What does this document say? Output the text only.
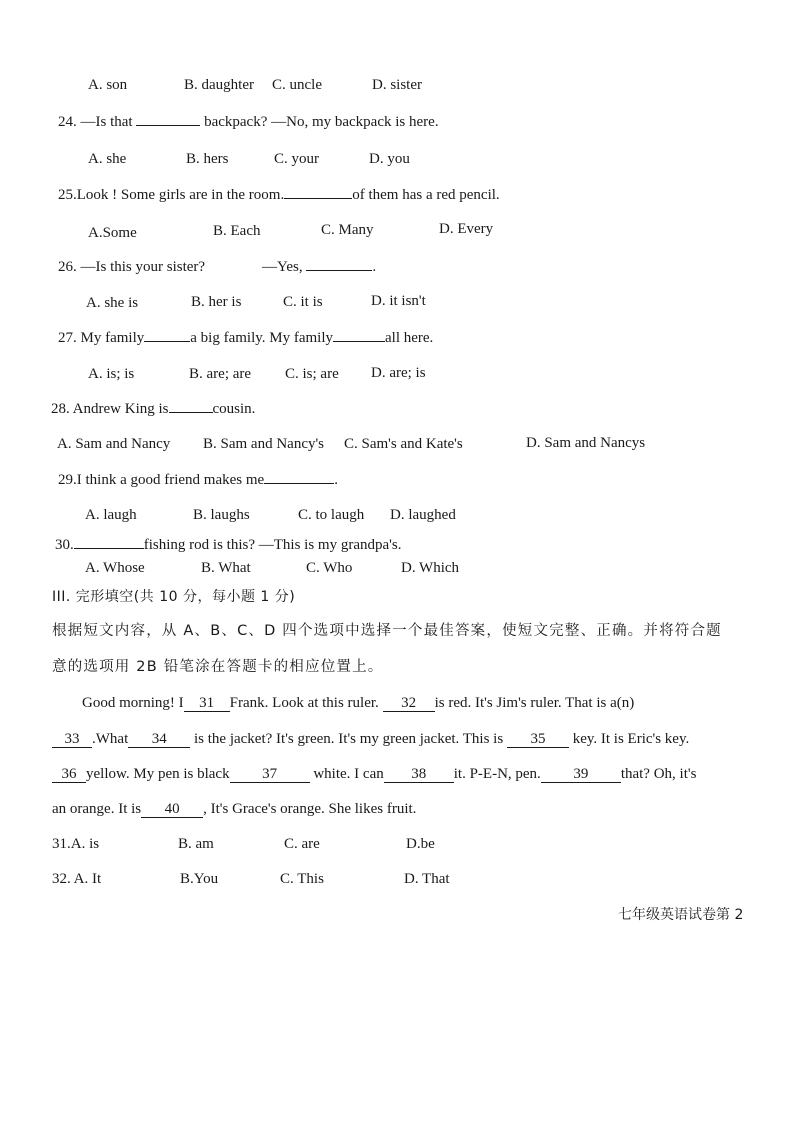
A. son	B. daughter C. uncle	D. sister
24. —Is that	backpack? —No, my backpack is here.
A. she	B. hers	C. your	D. you
25.Look ! Some girls are in the room.	of them has a red pencil.
A.Some	B. Each	C. Many	D. Every
26. —Is this your sister?	—Yes,	.
A. she is	B. her is	C. it is	D. it isn't
27. My family	a big family. My family	all here.
A. is; is	B. are; are C. is; are D. are; is
28. Andrew King is	cousin.
A. Sam and Nancy B. Sam and Nancy's C. Sam's and Kate's	D. Sam and Nancys
29.I think a good friend makes me	.
A. laugh	B. laughs	C. to laugh D. laughed
30.	fishing rod is this? —This is my grandpa's.
A. Whose	B. What	C. Who	D. Which
III. 完形填空(共 10 分，每小题 1 分)
根据短文内容，从 A、B、C、D 四个选项中选择一个最佳答案，使短文完整、正确。并将符合题
意的选项用 2B 铅笔涂在答题卡的相应位置上。
Good morning! I 31 Frank. Look at this ruler. 32 is red. It's Jim's ruler. That is a(n)
33 .What 34 is the jacket? It's green. It's my green jacket. This is 35 key. It is Eric's key.
36 yellow. My pen is black 37 white. I can 38 it. P-E-N, pen. 39 that? Oh, it's
an orange. It is 40 , It's Grace's orange. She likes fruit.
31.A. is	B. am	C. are	D.be
32. A. It	B.You	C. This	D. That
七年级英语试卷第 2
